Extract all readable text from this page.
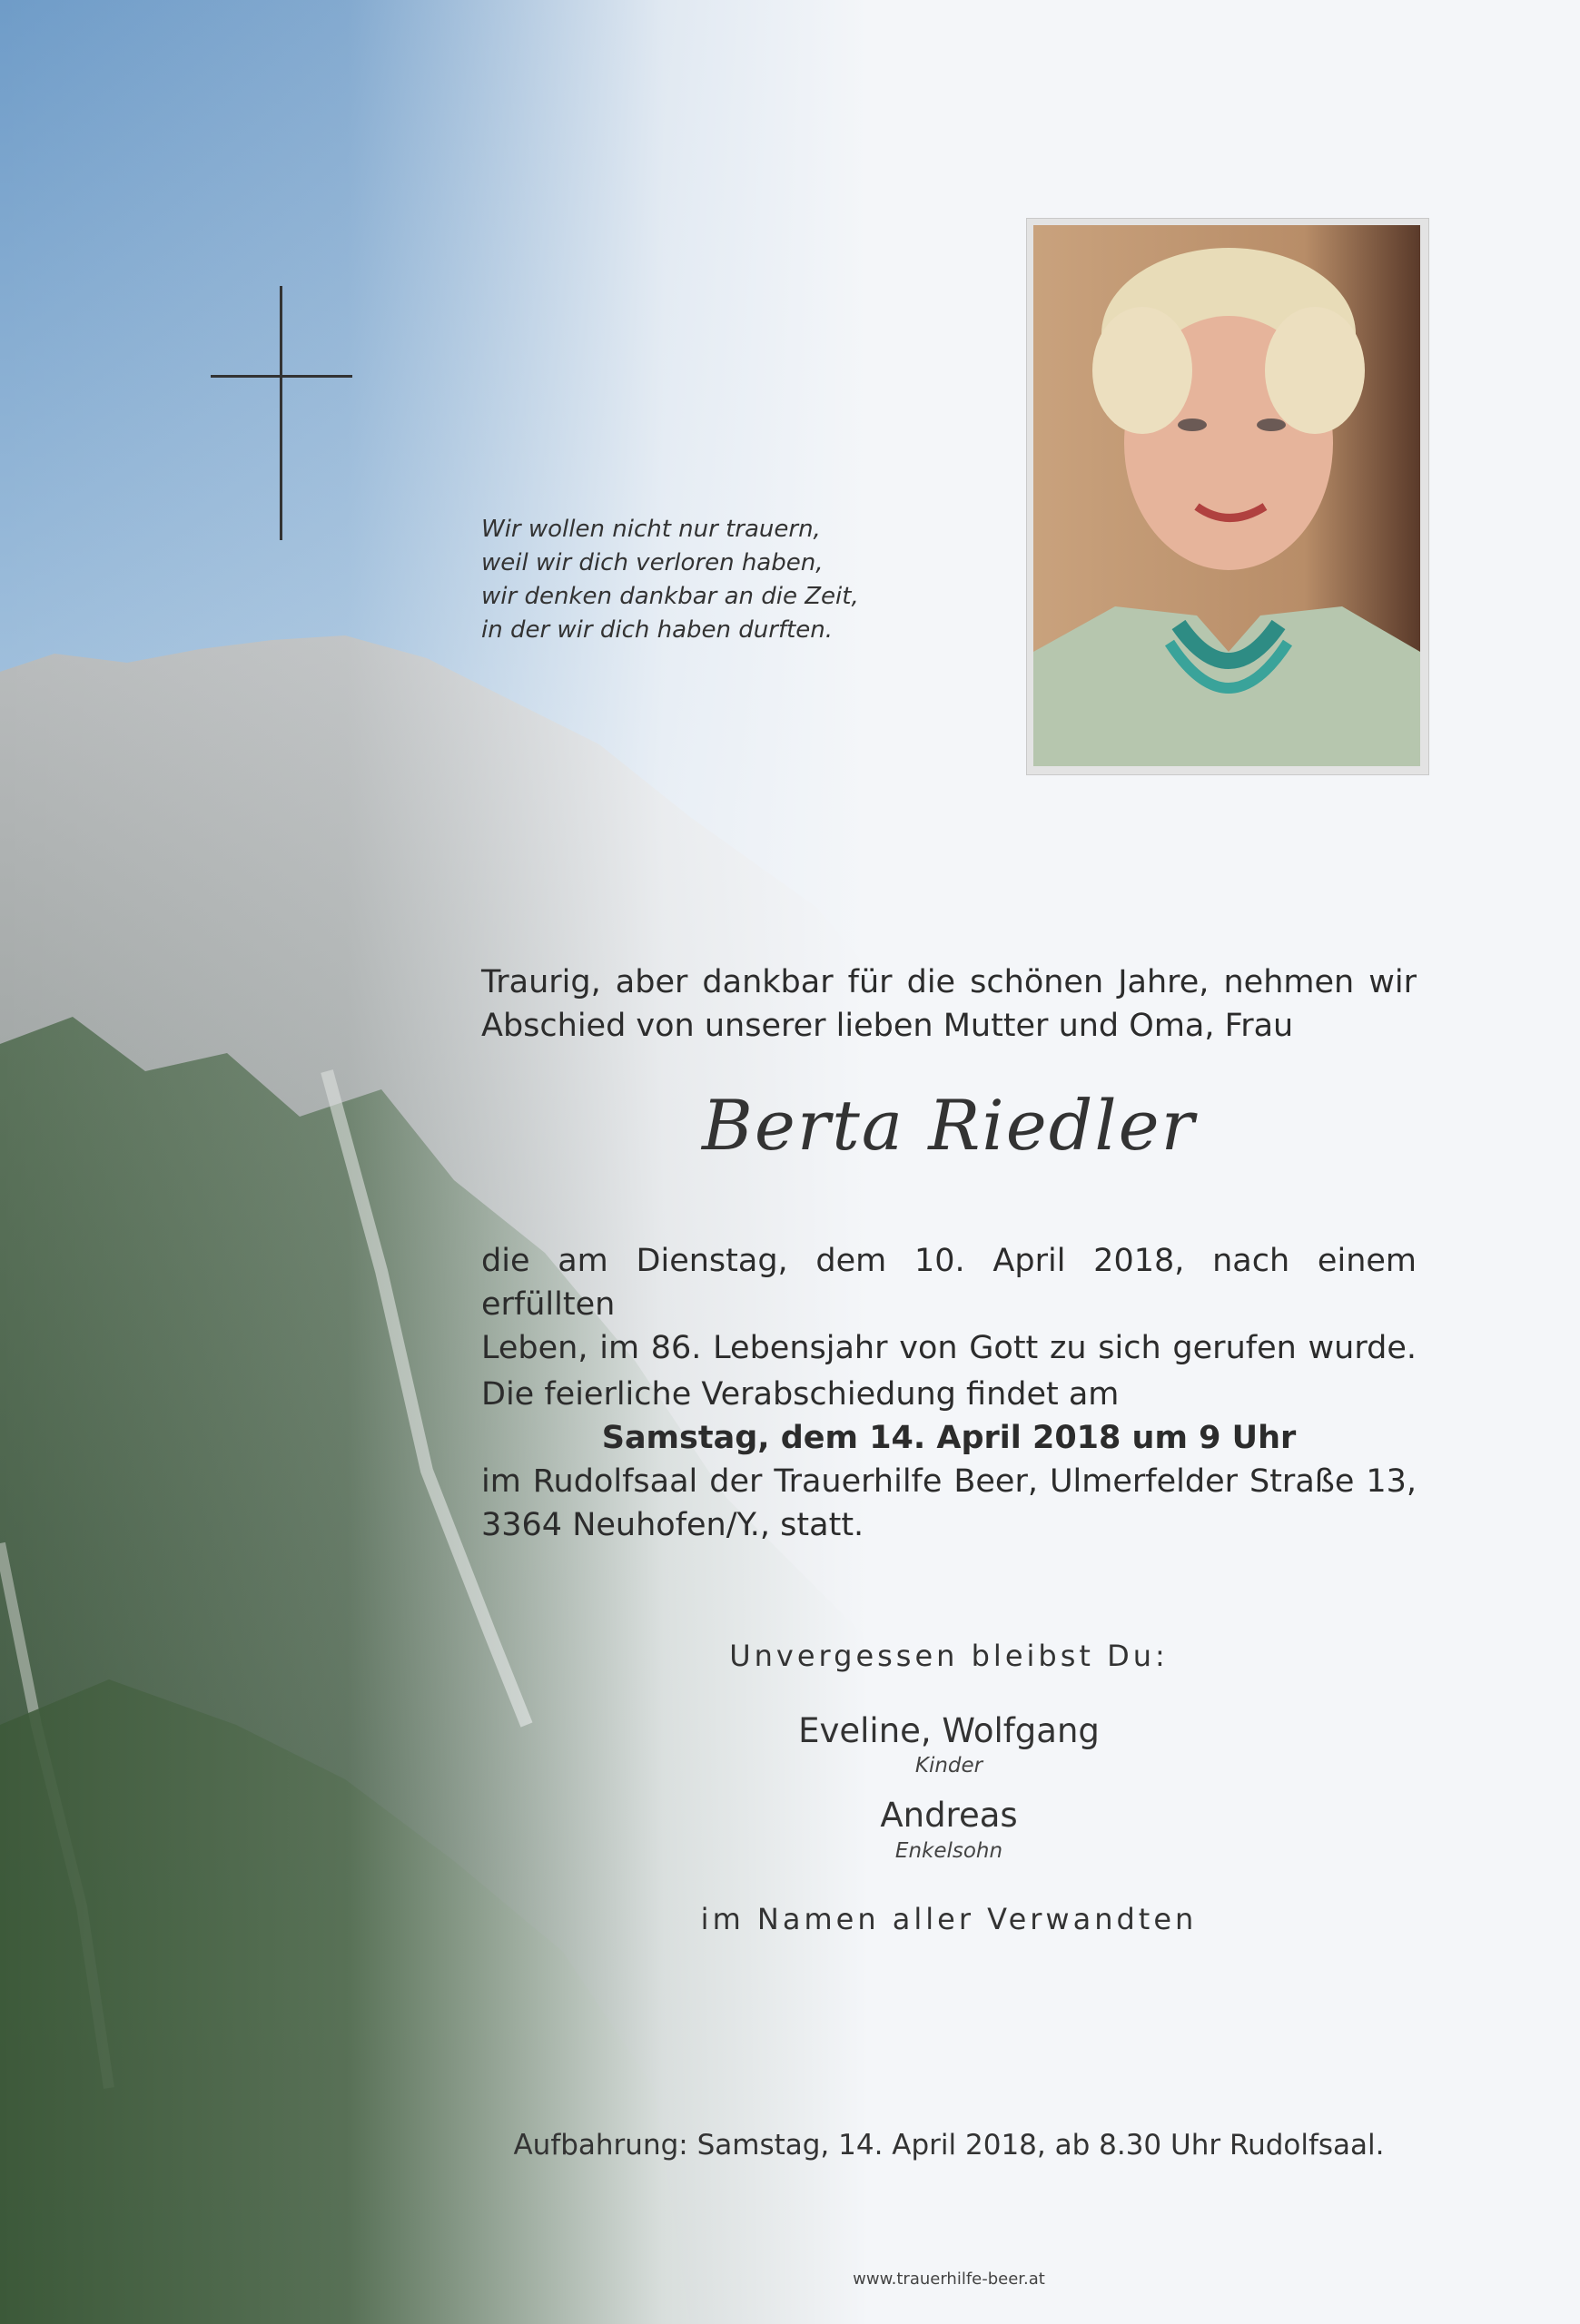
Wir wollen nicht nur trauern,
weil wir dich verloren haben,
wir denken dankbar an die Zeit,
in der wir dich haben durften.
Traurig, aber dankbar für die schönen Jahre, nehmen wir
Abschied von unserer lieben Mutter und Oma, Frau
Berta Riedler
die am Dienstag, dem 10. April 2018, nach einem erfüllten
Leben, im 86. Lebensjahr von Gott zu sich gerufen wurde.
Die feierliche Verabschiedung findet am
Samstag, dem 14. April 2018 um 9 Uhr
im Rudolfsaal der Trauerhilfe Beer, Ulmerfelder Straße 13,
3364 Neuhofen/Y., statt.
Unvergessen bleibst Du:
Eveline, Wolfgang
Kinder
Andreas
Enkelsohn
im Namen aller Verwandten
Aufbahrung: Samstag, 14. April 2018, ab 8.30 Uhr Rudolfsaal.
www.trauerhilfe-beer.at
